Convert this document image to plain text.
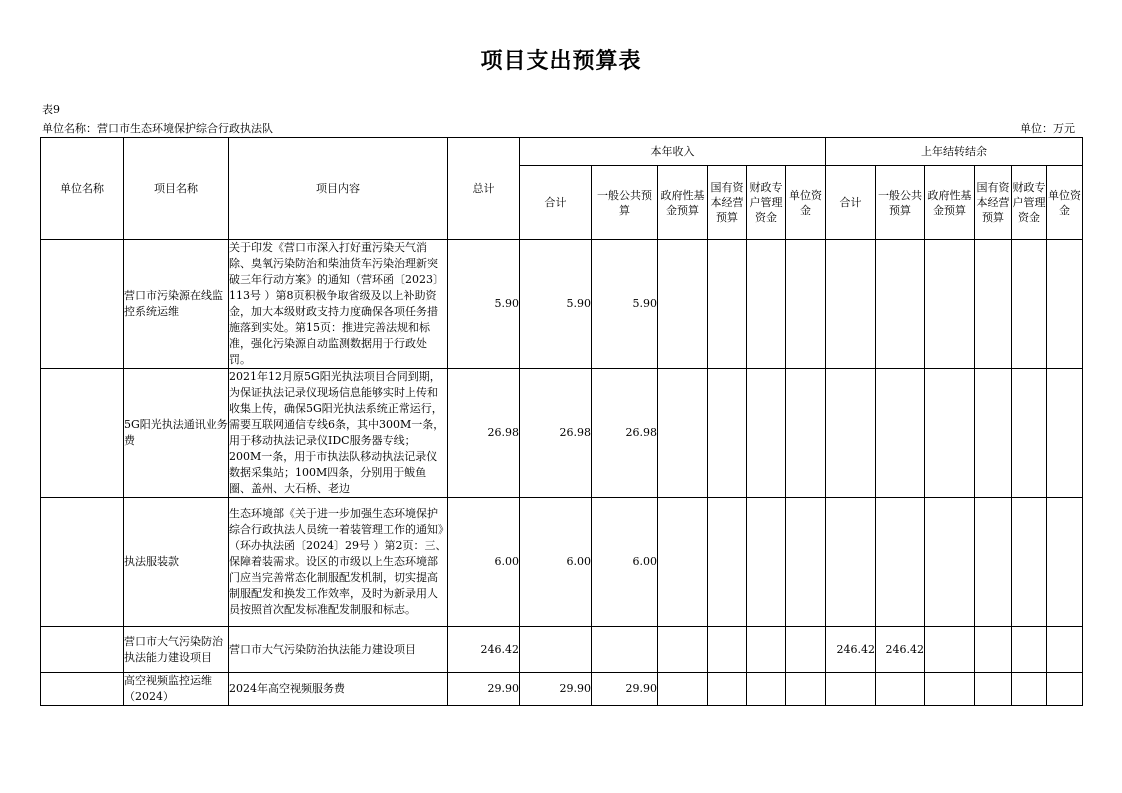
项目支出预算表
表9
单位名称：营口市生态环境保护综合行政执法队	单位：万元
单位名称	项目名称	项目内容	总计	本年收入						上年结转结余					
				合计	一般公共预算	政府性基金预算	国有资本经营预算	财政专户管理资金	单位资金	合计	一般公共预算	政府性基金预算	国有资本经营预算	财政专户管理资金	单位资金
	营口市污染源在线监控系统运维	关于印发《营口市深入打好重污染天气消除、臭氧污染防治和柴油货车污染治理新突破三年行动方案》的通知（营环函〔2023〕113号 ）第8页积极争取省级及以上补助资金，加大本级财政支持力度确保各项任务措施落到实处。第15页：推进完善法规和标准，强化污染源自动监测数据用于行政处罚。	5.90	5.90	5.90										
	5G阳光执法通讯业务费	2021年12月原5G阳光执法项目合同到期，为保证执法记录仪现场信息能够实时上传和收集上传，确保5G阳光执法系统正常运行，需要互联网通信专线6条，其中300M一条，用于移动执法记录仪IDC服务器专线；200M一条，用于市执法队移动执法记录仪数据采集站；100M四条，分别用于鲅鱼圈、盖州、大石桥、老边	26.98	26.98	26.98										
	执法服装款	生态环境部《关于进一步加强生态环境保护综合行政执法人员统一着装管理工作的通知》（环办执法函〔2024〕29号 ）第2页：三、保障着装需求。设区的市级以上生态环境部门应当完善常态化制服配发机制，切实提高制服配发和换发工作效率，及时为新录用人员按照首次配发标准配发制服和标志。	6.00	6.00	6.00										
	营口市大气污染防治执法能力建设项目	营口市大气污染防治执法能力建设项目	246.42							246.42	246.42				
	高空视频监控运维（2024）	2024年高空视频服务费	29.90	29.90	29.90										
